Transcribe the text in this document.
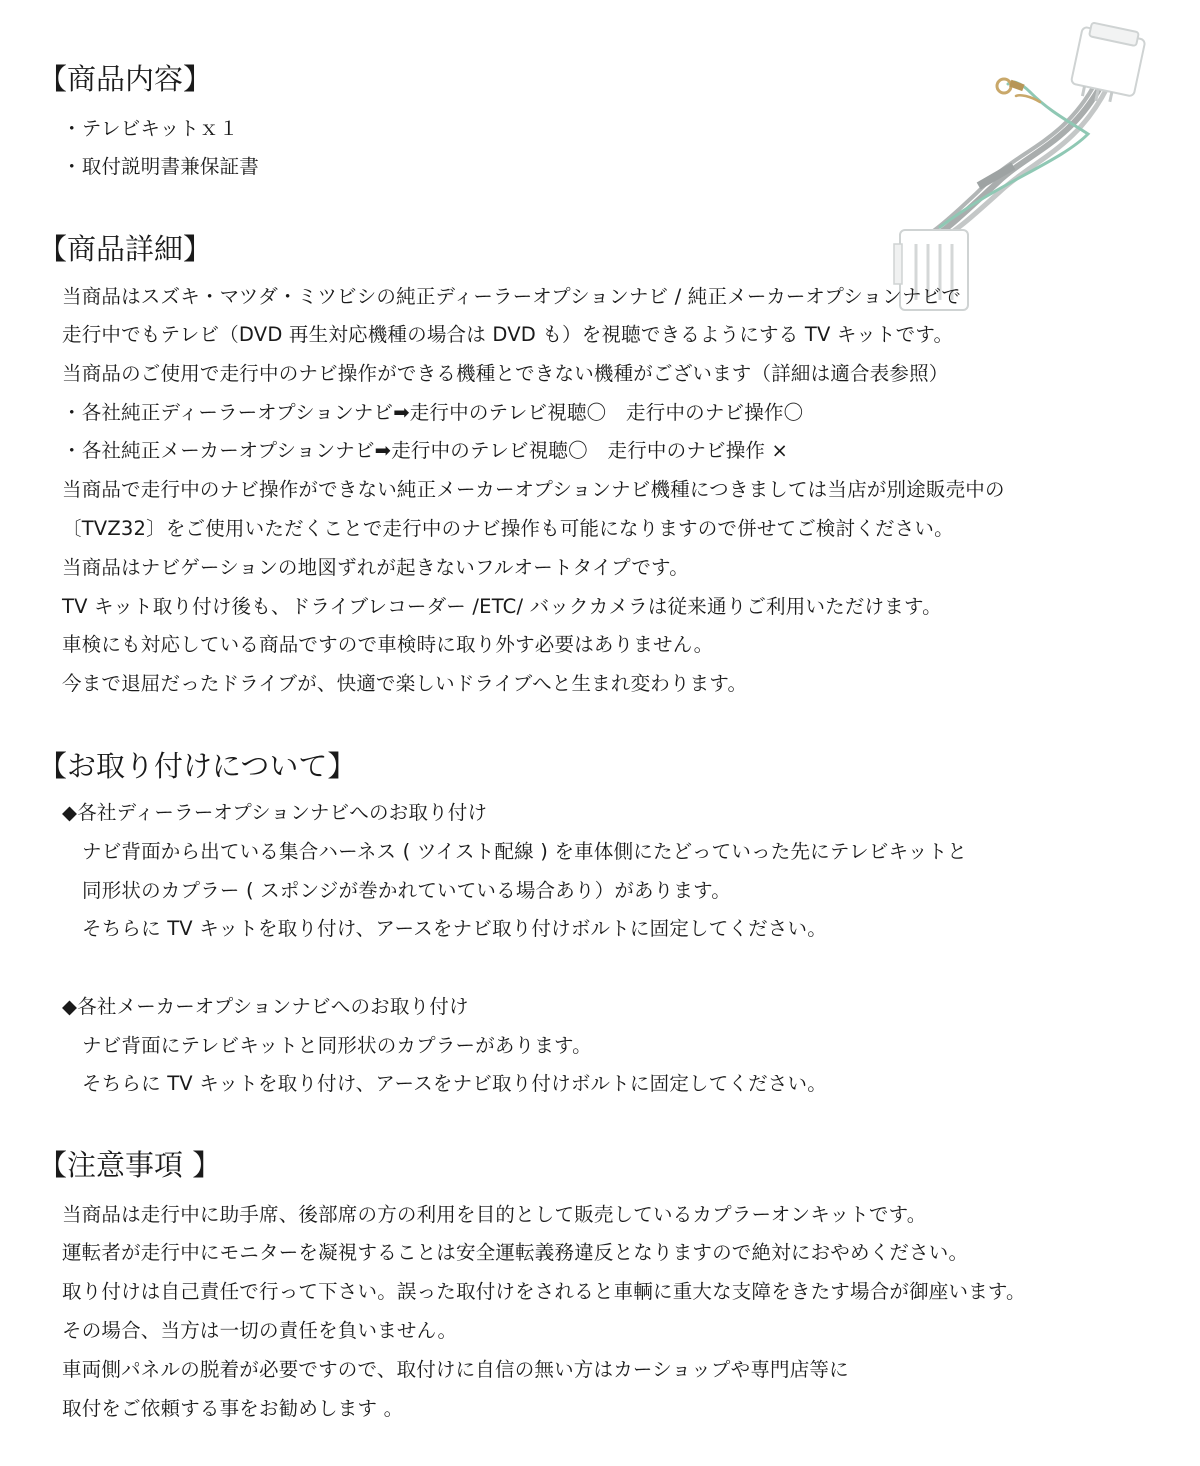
【商品内容】
・テレビキットｘ１
・取付説明書兼保証書
【商品詳細】
当商品はスズキ・マツダ・ミツビシの純正ディーラーオプションナビ / 純正メーカーオプションナビで
走行中でもテレビ（DVD 再生対応機種の場合は DVD も）を視聴できるようにする TV キットです。
当商品のご使用で走行中のナビ操作ができる機種とできない機種がございます（詳細は適合表参照）
・各社純正ディーラーオプションナビ➡走行中のテレビ視聴〇　走行中のナビ操作〇
・各社純正メーカーオプションナビ➡走行中のテレビ視聴〇　走行中のナビ操作 ×
当商品で走行中のナビ操作ができない純正メーカーオプションナビ機種につきましては当店が別途販売中の
〔TVZ32〕をご使用いただくことで走行中のナビ操作も可能になりますので併せてご検討ください。
当商品はナビゲーションの地図ずれが起きないフルオートタイプです。
TV キット取り付け後も、ドライブレコーダー /ETC/ バックカメラは従来通りご利用いただけます。
車検にも対応している商品ですので車検時に取り外す必要はありません。
今まで退屈だったドライブが、快適で楽しいドライブへと生まれ変わります。
【お取り付けについて】
◆各社ディーラーオプションナビへのお取り付け
ナビ背面から出ている集合ハーネス ( ツイスト配線 ) を車体側にたどっていった先にテレビキットと
同形状のカプラー ( スポンジが巻かれていている場合あり）があります。
そちらに TV キットを取り付け、アースをナビ取り付けボルトに固定してください。
◆各社メーカーオプションナビへのお取り付け
ナビ背面にテレビキットと同形状のカプラーがあります。
そちらに TV キットを取り付け、アースをナビ取り付けボルトに固定してください。
【注意事項 】
当商品は走行中に助手席、後部席の方の利用を目的として販売しているカプラーオンキットです。
運転者が走行中にモニターを凝視することは安全運転義務違反となりますので絶対におやめください。
取り付けは自己責任で行って下さい。誤った取付けをされると車輌に重大な支障をきたす場合が御座います。
その場合、当方は一切の責任を負いません。
車両側パネルの脱着が必要ですので、取付けに自信の無い方はカーショップや専門店等に
取付をご依頼する事をお勧めします 。
